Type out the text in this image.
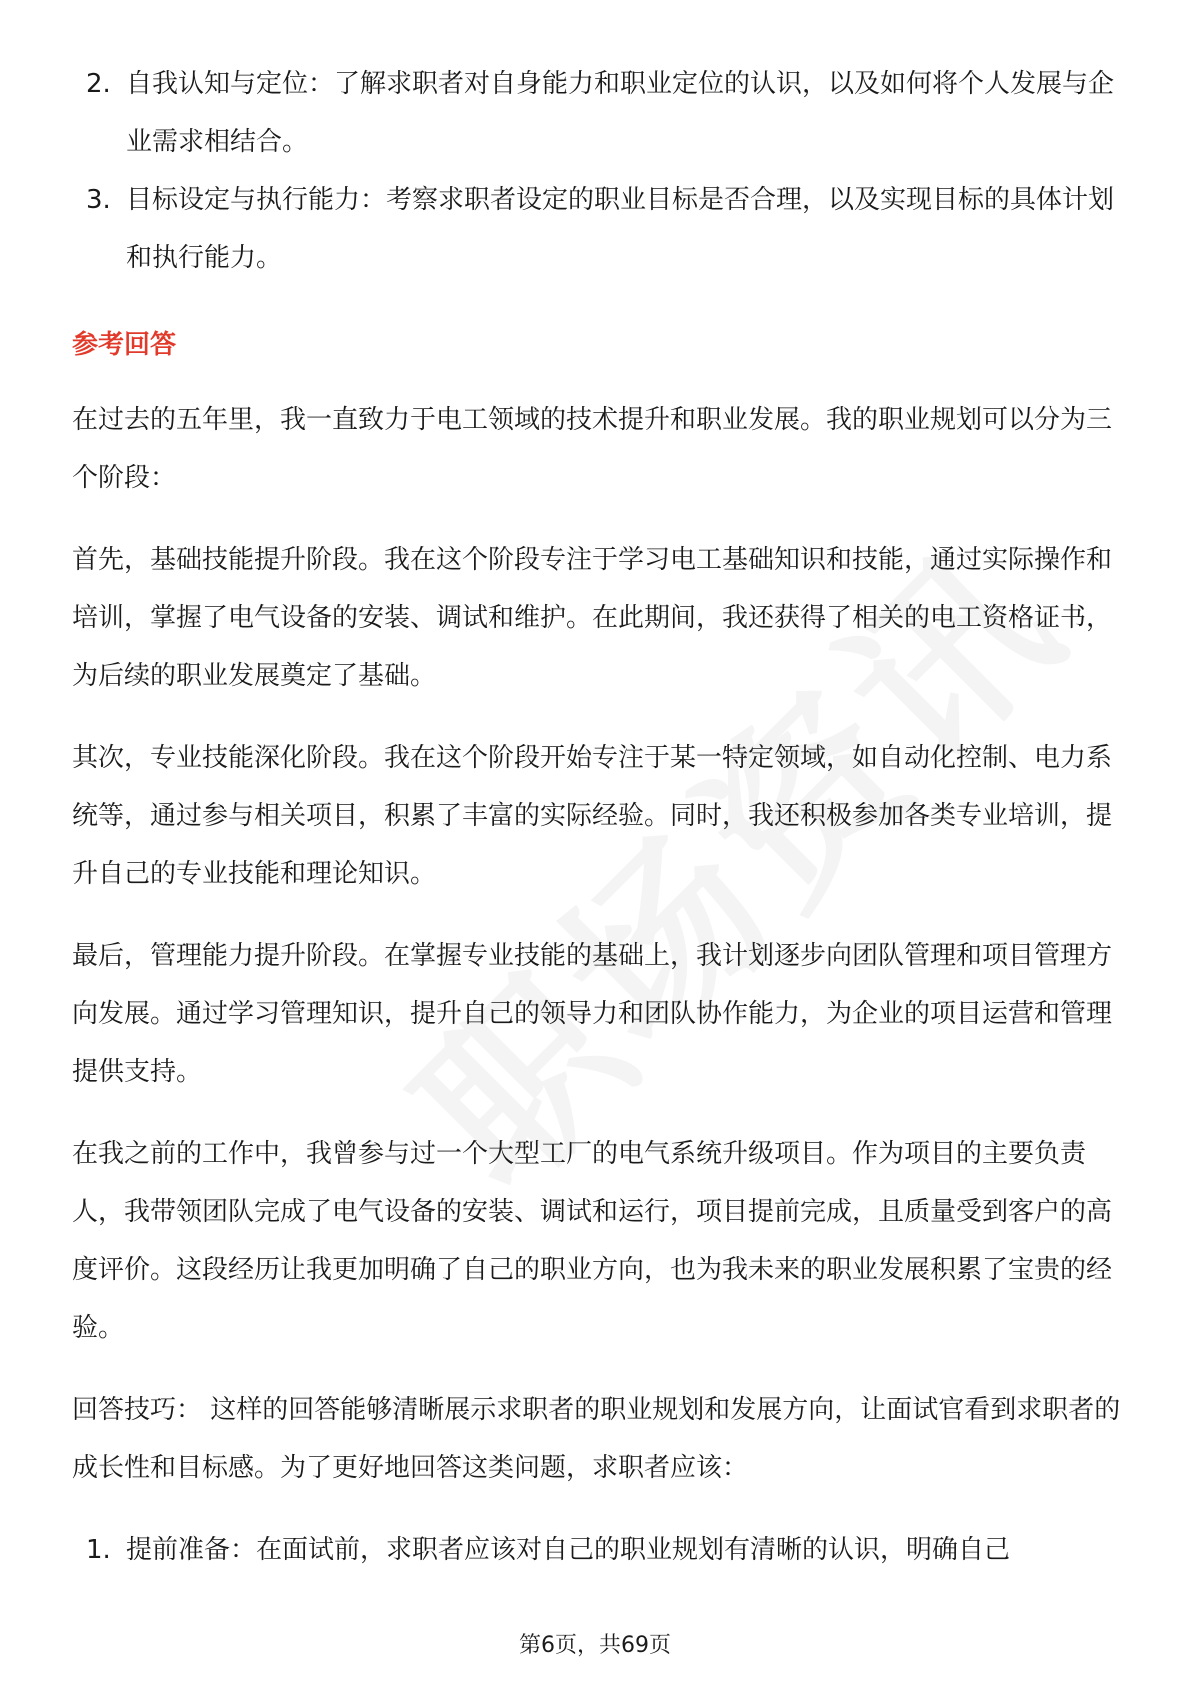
2. 自我认知与定位：了解求职者对自身能力和职业定位的认识，以及如何将个人发展与企业需求相结合。
3. 目标设定与执行能力：考察求职者设定的职业目标是否合理，以及实现目标的具体计划和执行能力。
参考回答

在过去的五年里，我一直致力于电工领域的技术提升和职业发展。我的职业规划可以分为三个阶段：

首先，基础技能提升阶段。我在这个阶段专注于学习电工基础知识和技能，通过实际操作和培训，掌握了电气设备的安装、调试和维护。在此期间，我还获得了相关的电工资格证书，为后续的职业发展奠定了基础。

其次，专业技能深化阶段。我在这个阶段开始专注于某一特定领域，如自动化控制、电力系统等，通过参与相关项目，积累了丰富的实际经验。同时，我还积极参加各类专业培训，提升自己的专业技能和理论知识。

最后，管理能力提升阶段。在掌握专业技能的基础上，我计划逐步向团队管理和项目管理方向发展。通过学习管理知识，提升自己的领导力和团队协作能力，为企业的项目运营和管理提供支持。

在我之前的工作中，我曾参与过一个大型工厂的电气系统升级项目。作为项目的主要负责人，我带领团队完成了电气设备的安装、调试和运行，项目提前完成，且质量受到客户的高度评价。这段经历让我更加明确了自己的职业方向，也为我未来的职业发展积累了宝贵的经验。

回答技巧： 这样的回答能够清晰展示求职者的职业规划和发展方向，让面试官看到求职者的成长性和目标感。为了更好地回答这类问题，求职者应该：

1. 提前准备：在面试前，求职者应该对自己的职业规划有清晰的认识，明确自己
第6页，共69页
